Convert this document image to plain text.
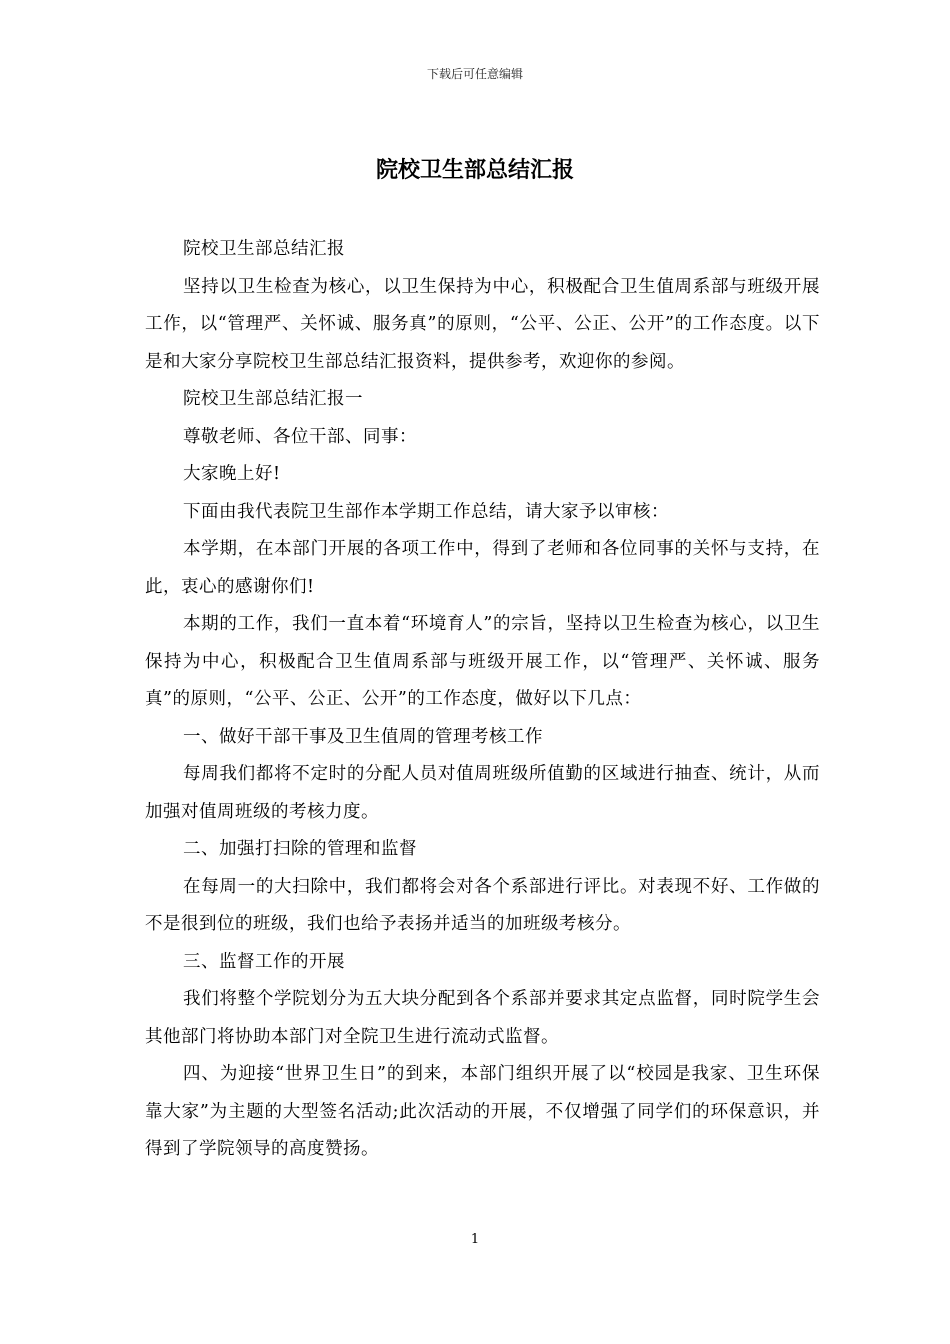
下载后可任意编辑
院校卫生部总结汇报

院校卫生部总结汇报

坚持以卫生检查为核心，以卫生保持为中心，积极配合卫生值周系部与班级开展工作，以“管理严、关怀诚、服务真”的原则，“公平、公正、公开”的工作态度。以下是和大家分享院校卫生部总结汇报资料，提供参考，欢迎你的参阅。

院校卫生部总结汇报一

尊敬老师、各位干部、同事：

大家晚上好!

下面由我代表院卫生部作本学期工作总结，请大家予以审核：

本学期，在本部门开展的各项工作中，得到了老师和各位同事的关怀与支持，在此，衷心的感谢你们!

本期的工作，我们一直本着“环境育人”的宗旨，坚持以卫生检查为核心，以卫生保持为中心，积极配合卫生值周系部与班级开展工作，以“管理严、关怀诚、服务真”的原则，“公平、公正、公开”的工作态度，做好以下几点：

一、做好干部干事及卫生值周的管理考核工作

每周我们都将不定时的分配人员对值周班级所值勤的区域进行抽查、统计，从而加强对值周班级的考核力度。

二、加强打扫除的管理和监督

在每周一的大扫除中，我们都将会对各个系部进行评比。对表现不好、工作做的不是很到位的班级，我们也给予表扬并适当的加班级考核分。

三、监督工作的开展

我们将整个学院划分为五大块分配到各个系部并要求其定点监督，同时院学生会其他部门将协助本部门对全院卫生进行流动式监督。

四、为迎接“世界卫生日”的到来，本部门组织开展了以“校园是我家、卫生环保靠大家”为主题的大型签名活动;此次活动的开展，不仅增强了同学们的环保意识，并得到了学院领导的高度赞扬。

1
